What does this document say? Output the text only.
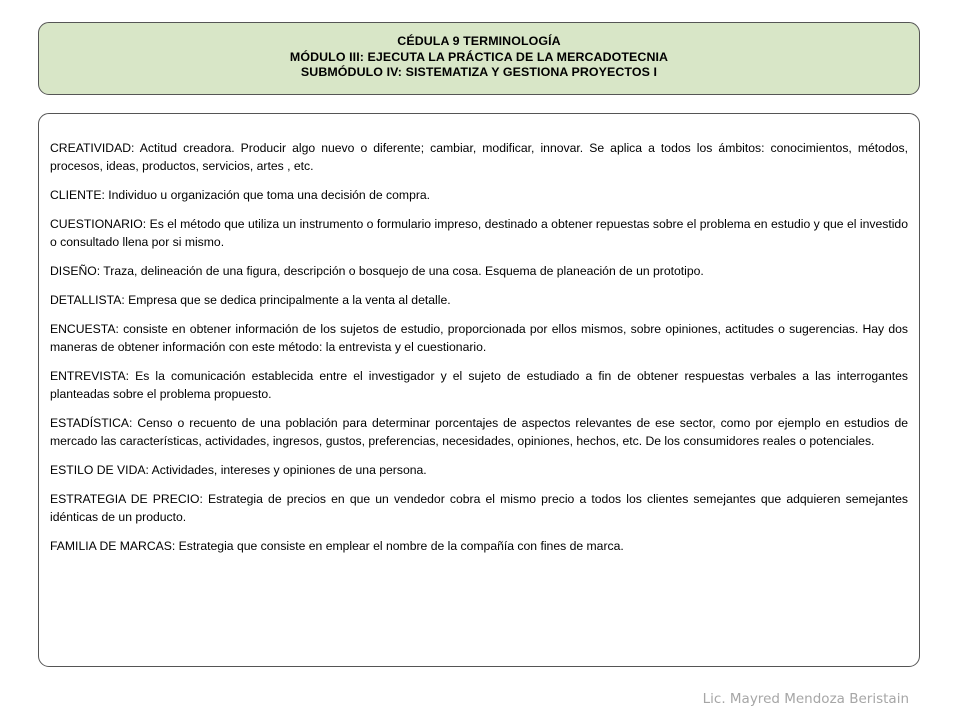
CÉDULA 9 TERMINOLOGÍA
MÓDULO III: EJECUTA LA PRÁCTICA DE LA MERCADOTECNIA
SUBMÓDULO IV: SISTEMATIZA Y GESTIONA PROYECTOS I

CREATIVIDAD: Actitud creadora. Producir algo nuevo o diferente; cambiar, modificar, innovar. Se aplica a todos los ámbitos: conocimientos, métodos, procesos, ideas, productos, servicios, artes , etc.

CLIENTE: Individuo u organización que toma una decisión de compra.

CUESTIONARIO: Es el método que utiliza un instrumento o formulario impreso, destinado a obtener repuestas sobre el problema en estudio y que el investido o consultado llena por si mismo.

DISEÑO: Traza, delineación de una figura, descripción o bosquejo de una cosa. Esquema de planeación de un prototipo.

DETALLISTA: Empresa que se dedica principalmente a la venta al detalle.

ENCUESTA: consiste en obtener información de los sujetos de estudio, proporcionada por ellos mismos, sobre opiniones, actitudes o sugerencias. Hay dos maneras de obtener información con este método: la entrevista y el cuestionario.

ENTREVISTA: Es la comunicación establecida entre el investigador y el sujeto de estudiado a fin de obtener respuestas verbales a las interrogantes planteadas sobre el problema propuesto.

ESTADÍSTICA: Censo o recuento de una población para determinar porcentajes de aspectos relevantes de ese sector, como por ejemplo en estudios de mercado las características, actividades, ingresos, gustos, preferencias, necesidades, opiniones, hechos, etc. De los consumidores reales o potenciales.

ESTILO DE VIDA: Actividades, intereses y opiniones de una persona.

ESTRATEGIA DE PRECIO: Estrategia de precios en que un vendedor cobra el mismo precio a todos los clientes semejantes que adquieren semejantes idénticas de un producto.

FAMILIA DE MARCAS: Estrategia que consiste en emplear el nombre de la compañía con fines de marca.

Lic. Mayred Mendoza Beristain
